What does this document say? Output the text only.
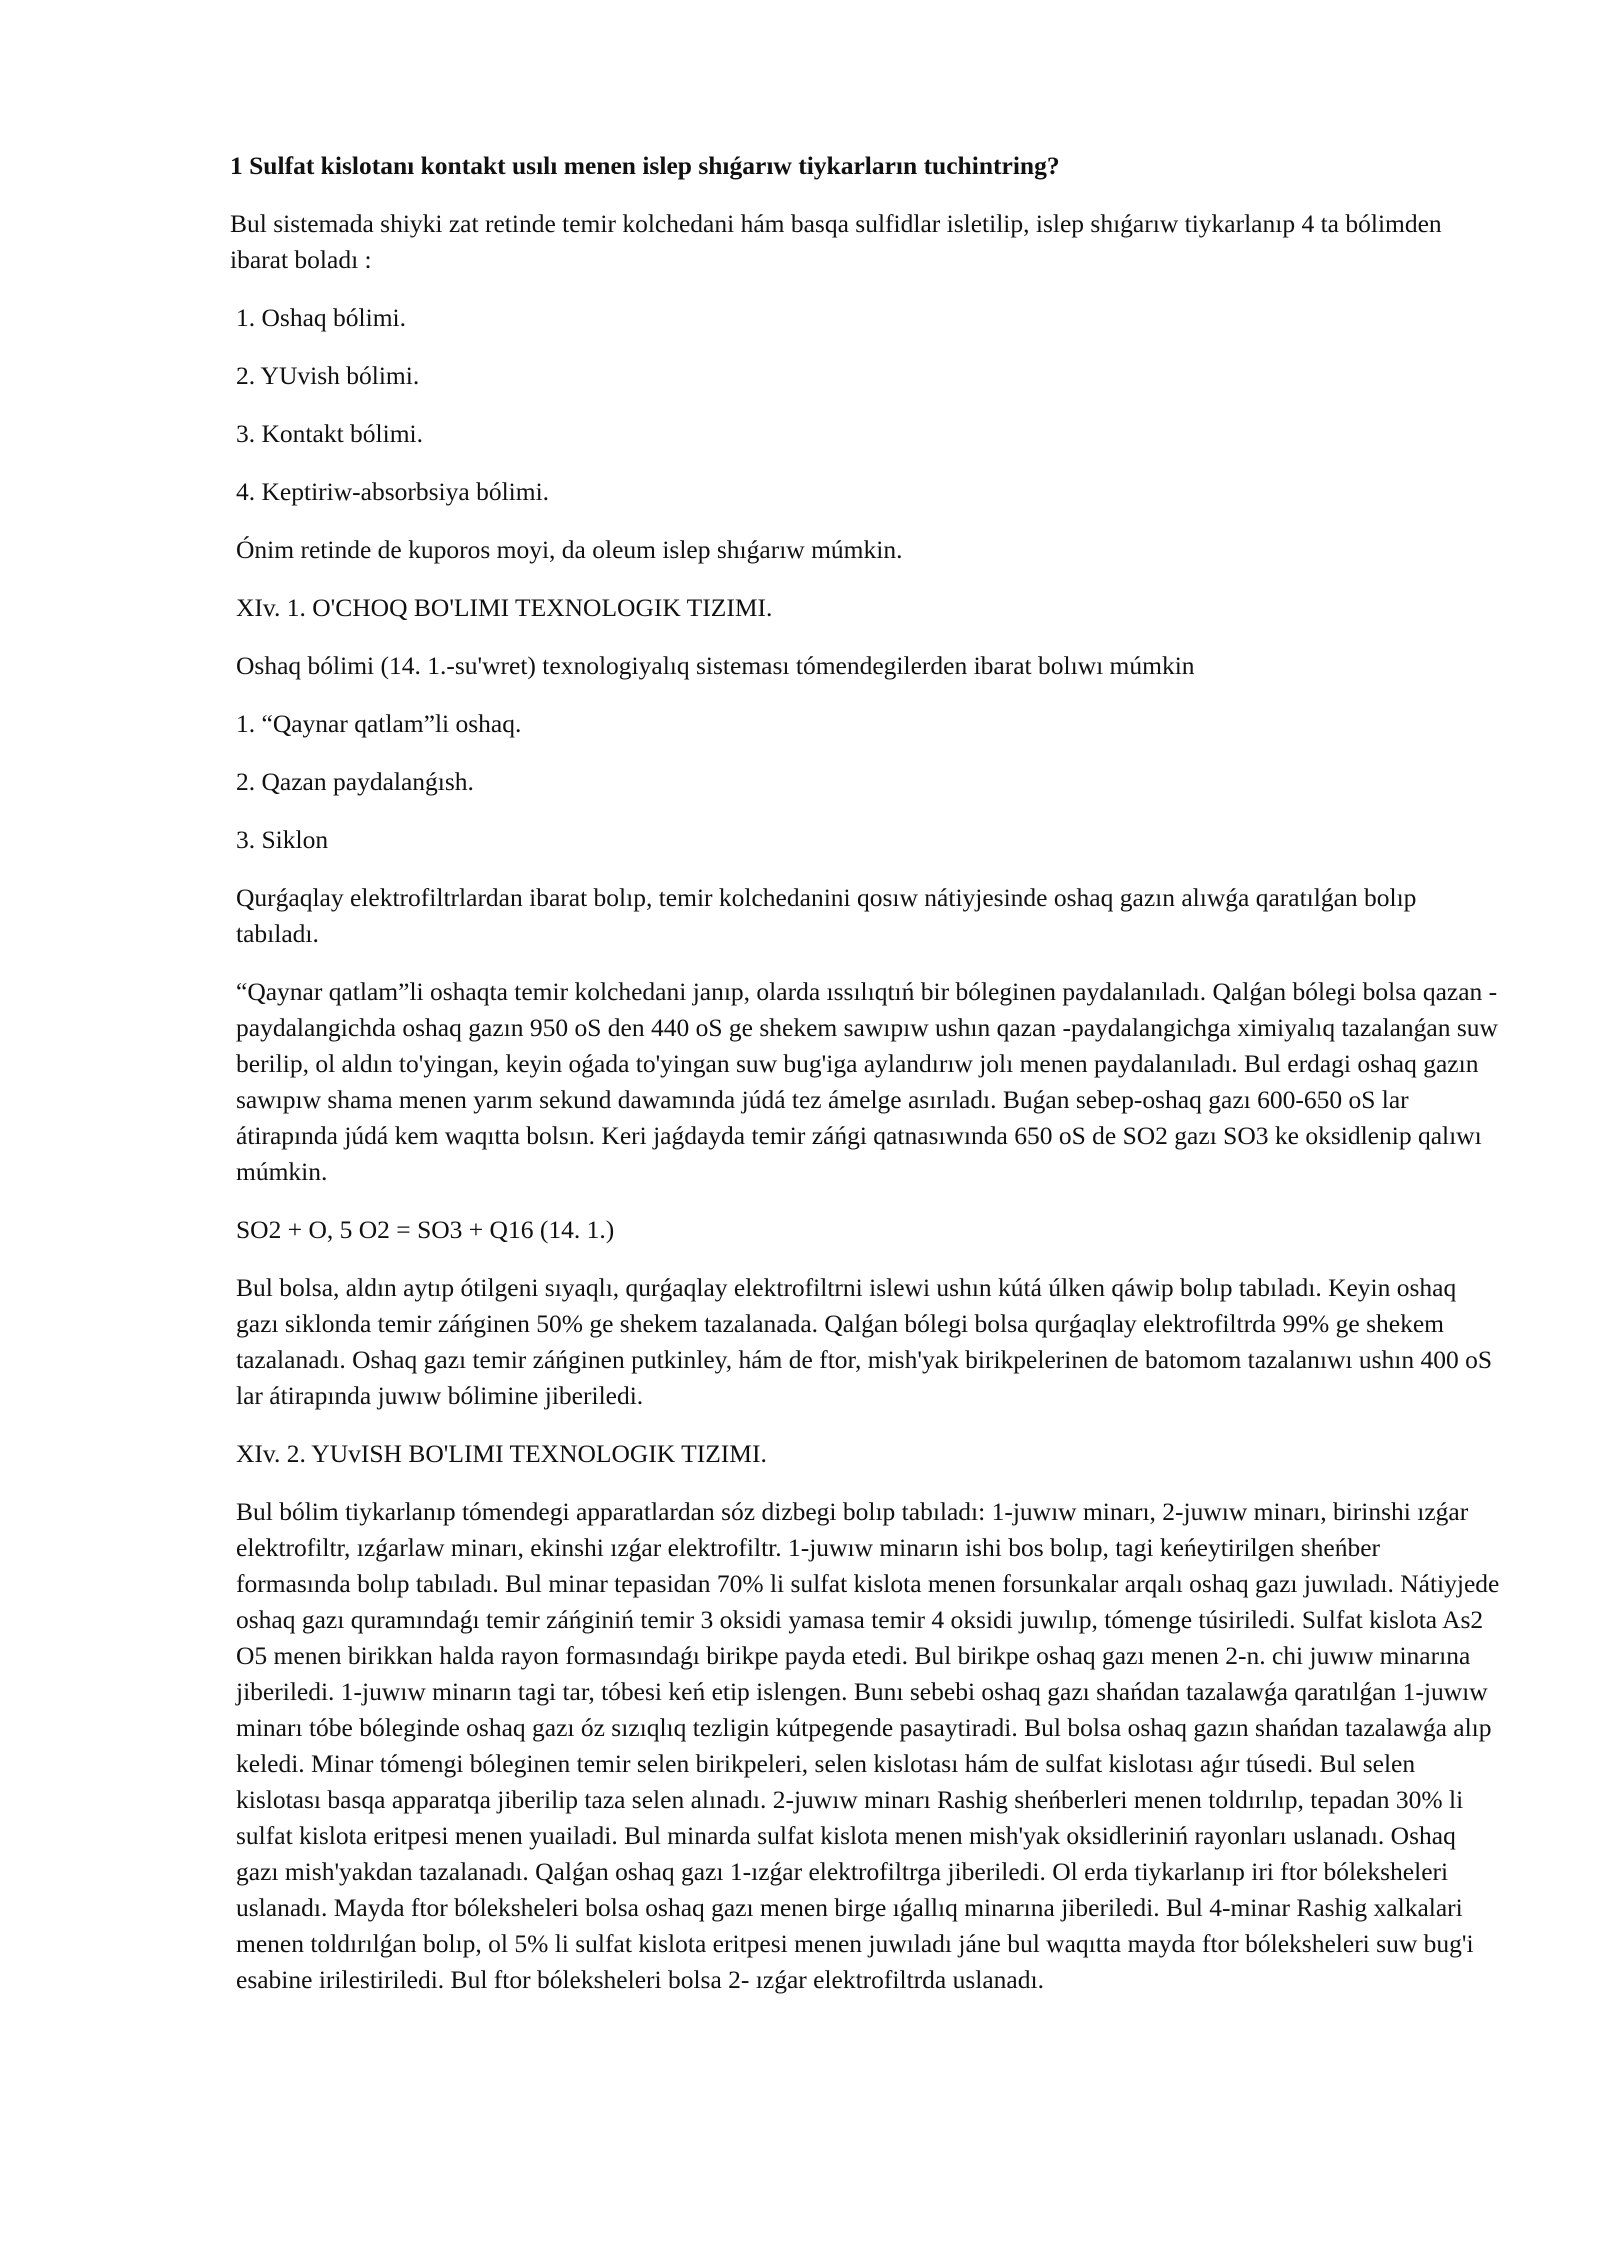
1 Sulfat kislotanı kontakt usılı menen islep shıǵarıw tiykarların tuchintring?

Bul sistemada shiyki zat retinde temir kolchedani hám basqa sulfidlar isletilip, islep shıǵarıw tiykarlanıp 4 ta bólimden ibarat boladı :

1. Oshaq bólimi.

2. YUvish bólimi.

3. Kontakt bólimi.

4. Keptiriw-absorbsiya bólimi.

Ónim retinde de kuporos moyi, da oleum islep shıǵarıw múmkin.

XIv. 1. O'CHOQ BO'LIMI TEXNOLOGIK TIZIMI.

Oshaq bólimi (14. 1.-su'wret) texnologiyalıq sisteması tómendegilerden ibarat bolıwı múmkin

1. “Qaynar qatlam”li oshaq.

2. Qazan paydalanǵısh.

3. Siklon

Qurǵaqlay elektrofiltrlardan ibarat bolıp, temir kolchedanini qosıw nátiyjesinde oshaq gazın alıwǵa qaratılǵan bolıp tabıladı.

“Qaynar qatlam”li oshaqta temir kolchedani janıp, olarda ıssılıqtıń bir bóleginen paydalanıladı. Qalǵan bólegi bolsa qazan -paydalangichda oshaq gazın 950 oS den 440 oS ge shekem sawıpıw ushın qazan -paydalangichga ximiyalıq tazalanǵan suw berilip, ol aldın to'yingan, keyin oǵada to'yingan suw bug'iga aylandırıw jolı menen paydalanıladı. Bul erdagi oshaq gazın sawıpıw shama menen yarım sekund dawamında júdá tez ámelge asırıladı. Buǵan sebep-oshaq gazı 600-650 oS lar átirapında júdá kem waqıtta bolsın. Keri jaǵdayda temir záńgi qatnasıwında 650 oS de SO2 gazı SO3 ke oksidlenip qalıwı múmkin.

SO2 + O, 5 O2 = SO3 + Q16 (14. 1.)

Bul bolsa, aldın aytıp ótilgeni sıyaqlı, qurǵaqlay elektrofiltrni islewi ushın kútá úlken qáwip bolıp tabıladı. Keyin oshaq gazı siklonda temir záńginen 50% ge shekem tazalanada. Qalǵan bólegi bolsa qurǵaqlay elektrofiltrda 99% ge shekem tazalanadı. Oshaq gazı temir záńginen putkinley, hám de ftor, mish'yak birikpelerinen de batomom tazalanıwı ushın 400 oS lar átirapında juwıw bólimine jiberiledi.

XIv. 2. YUvISH BO'LIMI TEXNOLOGIK TIZIMI.

Bul bólim tiykarlanıp tómendegi apparatlardan sóz dizbegi bolıp tabıladı: 1-juwıw minarı, 2-juwıw minarı, birinshi ızǵar elektrofiltr, ızǵarlaw minarı, ekinshi ızǵar elektrofiltr. 1-juwıw minarın ishi bos bolıp, tagi keńeytirilgen sheńber formasında bolıp tabıladı. Bul minar tepasidan 70% li sulfat kislota menen forsunkalar arqalı oshaq gazı juwıladı. Nátiyjede oshaq gazı quramındaǵı temir záńginiń temir 3 oksidi yamasa temir 4 oksidi juwılıp, tómenge túsiriledi. Sulfat kislota As2 O5 menen birikkan halda rayon formasındaǵı birikpe payda etedi. Bul birikpe oshaq gazı menen 2-n. chi juwıw minarına jiberiledi. 1-juwıw minarın tagi tar, tóbesi keń etip islengen. Bunı sebebi oshaq gazı shańdan tazalawǵa qaratılǵan 1-juwıw minarı tóbe bóleginde oshaq gazı óz sızıqlıq tezligin kútpegende pasaytiradi. Bul bolsa oshaq gazın shańdan tazalawǵa alıp keledi. Minar tómengi bóleginen temir selen birikpeleri, selen kislotası hám de sulfat kislotası aǵır túsedi. Bul selen kislotası basqa apparatqa jiberilip taza selen alınadı. 2-juwıw minarı Rashig sheńberleri menen toldırılıp, tepadan 30% li sulfat kislota eritpesi menen yuailadi. Bul minarda sulfat kislota menen mish'yak oksidleriniń rayonları uslanadı. Oshaq gazı mish'yakdan tazalanadı. Qalǵan oshaq gazı 1-ızǵar elektrofiltrga jiberiledi. Ol erda tiykarlanıp iri ftor bóleksheleri uslanadı. Mayda ftor bóleksheleri bolsa oshaq gazı menen birge ıǵallıq minarına jiberiledi. Bul 4-minar Rashig xalkalari menen toldırılǵan bolıp, ol 5% li sulfat kislota eritpesi menen juwıladı jáne bul waqıtta mayda ftor bóleksheleri suw bug'i esabine irilestiriledi. Bul ftor bóleksheleri bolsa 2- ızǵar elektrofiltrda uslanadı.
